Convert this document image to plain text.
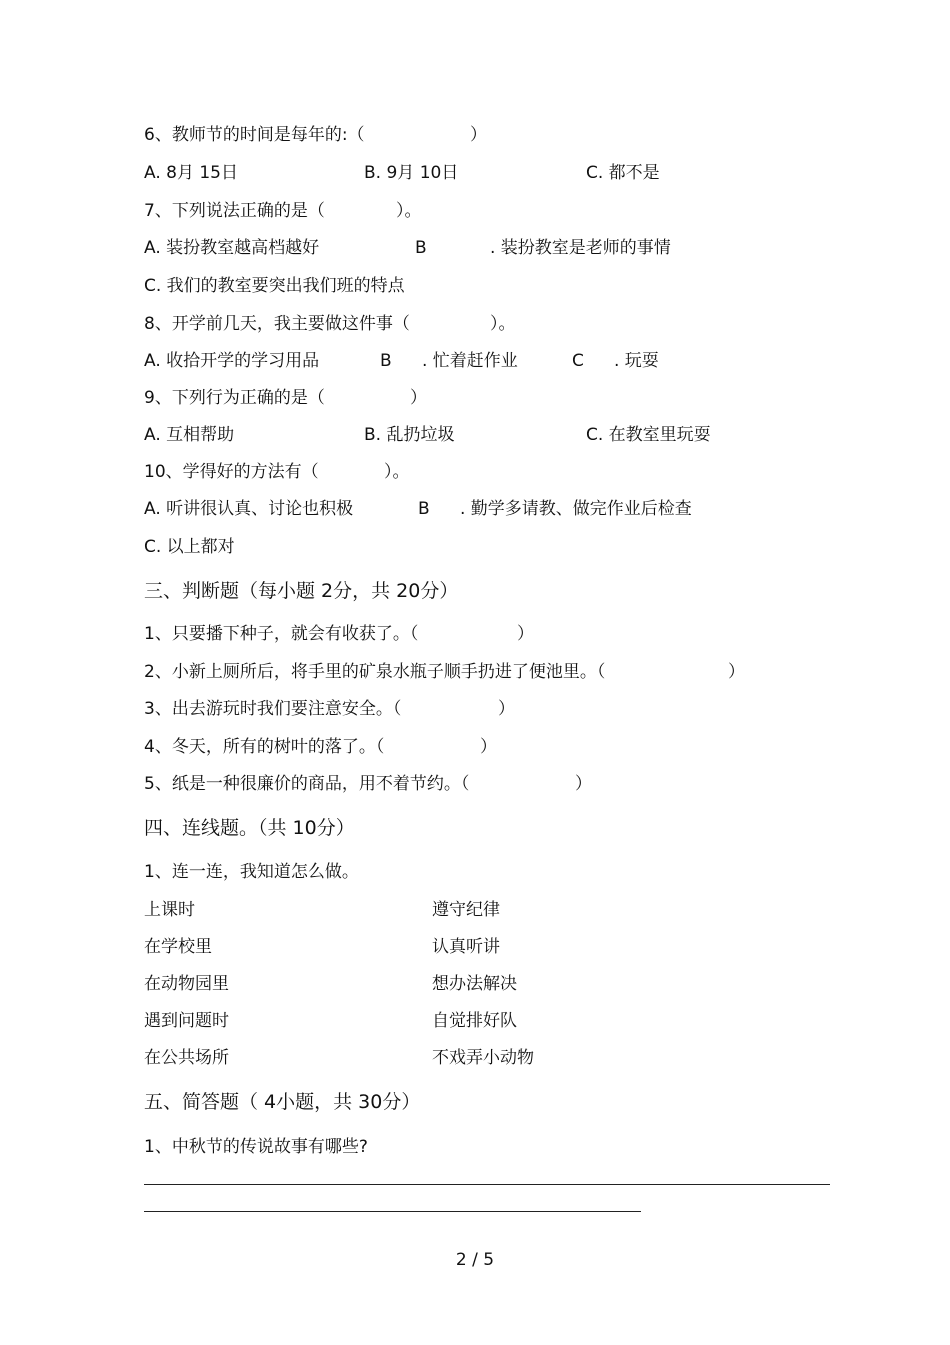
6、教师节的时间是每年的:（	）
A. 8月 15日	B. 9月 10日	C. 都不是
7、下列说法正确的是（	）。
A. 装扮教室越高档越好	B	. 装扮教室是老师的事情
C. 我们的教室要突出我们班的特点
8、开学前几天，我主要做这件事（	）。
A. 收拾开学的学习用品	B . 忙着赶作业	C . 玩耍
9、下列行为正确的是（	）
A. 互相帮助	B. 乱扔垃圾	C. 在教室里玩耍
10、学得好的方法有（	）。
A. 听讲很认真、讨论也积极	B . 勤学多请教、做完作业后检查
C. 以上都对
三、判断题（每小题 2分，共 20分）
1、只要播下种子，就会有收获了。（	）
2、小新上厕所后，将手里的矿泉水瓶子顺手扔进了便池里。（	）
3、出去游玩时我们要注意安全。（	）
4、冬天，所有的树叶的落了。（	）
5、纸是一种很廉价的商品，用不着节约。（	）
四、连线题。（共 10分）
1、连一连，我知道怎么做。
上课时	遵守纪律
在学校里	认真听讲
在动物园里	想办法解决
遇到问题时	自觉排好队
在公共场所	不戏弄小动物
五、简答题（ 4小题，共 30分）
1、中秋节的传说故事有哪些?
2 / 5
